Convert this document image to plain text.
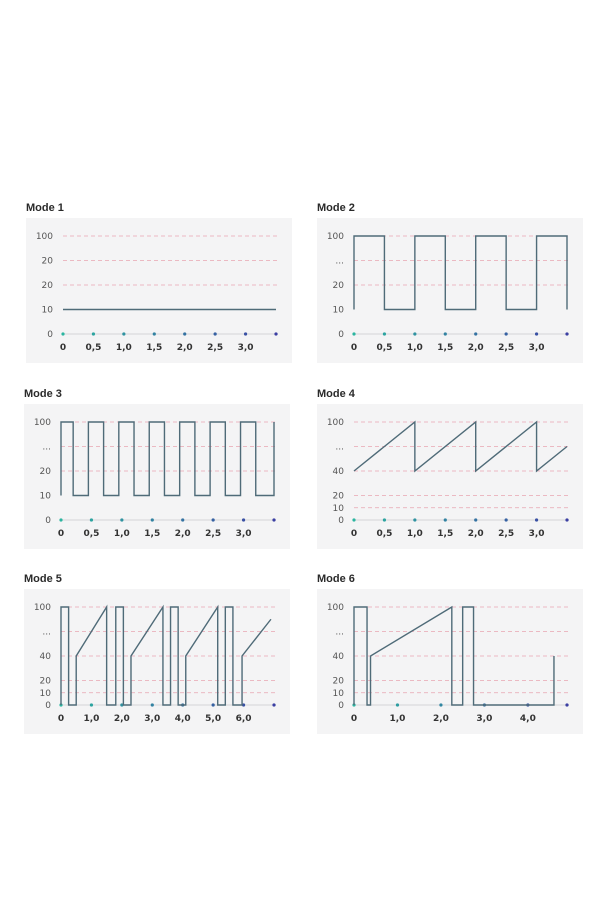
Mode 1
0
10
20
20
100
0 0,5 1,0 1,5 2,0 2,5 3,0
Mode 2
0
10
20
...
100
0 0,5 1,0 1,5 2,0 2,5 3,0
Mode 3
0
10
20
...
100
0 0,5 1,0 1,5 2,0 2,5 3,0
Mode 4
0
10
20
40
...
100
0 0,5 1,0 1,5 2,0 2,5 3,0
Mode 5
0
10
20
40
...
100
0 1,0 2,0 3,0 4,0 5,0 6,0
Mode 6
0
10
20
40
...
100
0	1,0	2,0	3,0	4,0
